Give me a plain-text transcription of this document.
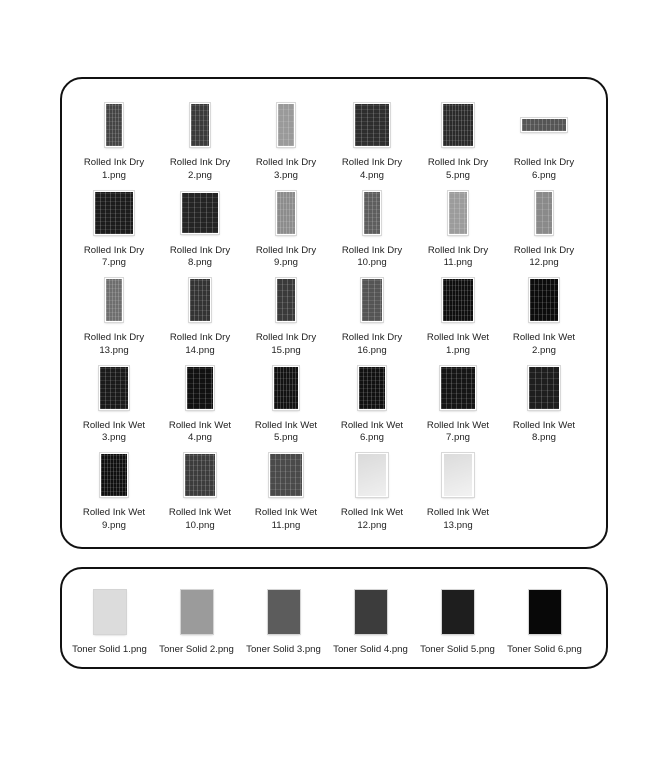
Rolled Ink Dry
1.png
Rolled Ink Dry
2.png
Rolled Ink Dry
3.png
Rolled Ink Dry
4.png
Rolled Ink Dry
5.png
Rolled Ink Dry
6.png
Rolled Ink Dry
7.png
Rolled Ink Dry
8.png
Rolled Ink Dry
9.png
Rolled Ink Dry
10.png
Rolled Ink Dry
11.png
Rolled Ink Dry
12.png
Rolled Ink Dry
13.png
Rolled Ink Dry
14.png
Rolled Ink Dry
15.png
Rolled Ink Dry
16.png
Rolled Ink Wet
1.png
Rolled Ink Wet
2.png
Rolled Ink Wet
3.png
Rolled Ink Wet
4.png
Rolled Ink Wet
5.png
Rolled Ink Wet
6.png
Rolled Ink Wet
7.png
Rolled Ink Wet
8.png
Rolled Ink Wet
9.png
Rolled Ink Wet
10.png
Rolled Ink Wet
11.png
Rolled Ink Wet
12.png
Rolled Ink Wet
13.png
Toner Solid 1.png	Toner Solid 2.png	Toner Solid 3.png	Toner Solid 4.png	Toner Solid 5.png	Toner Solid 6.png
